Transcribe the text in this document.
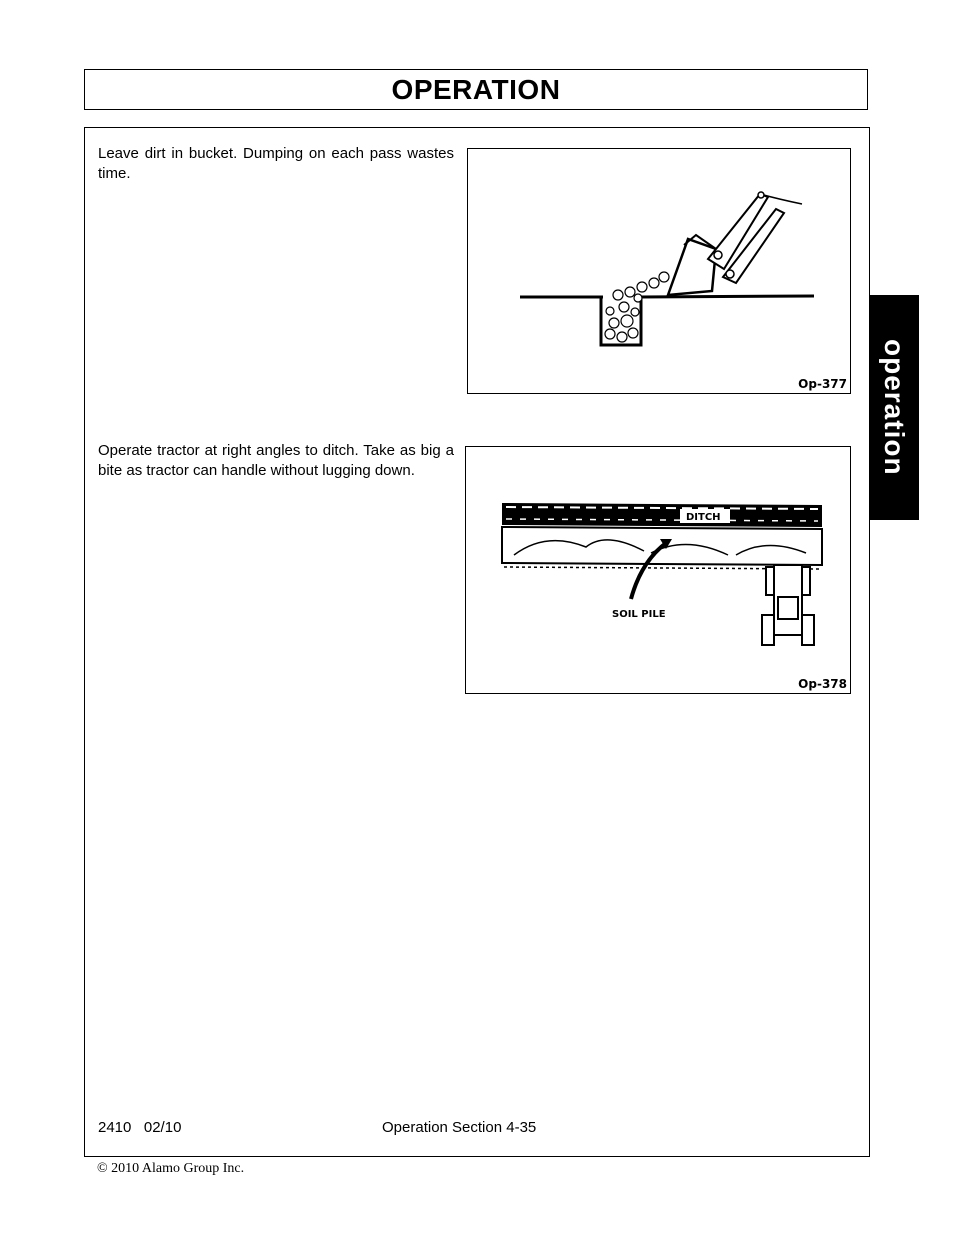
OPERATION
Leave dirt in bucket. Dumping on each pass wastes time.
Op-377
Operate tractor at right angles to ditch. Take as big a bite as tractor can handle without lugging down.
DITCH
SOIL PILE
Op-378
operation
2410   02/10	Operation Section 4-35
© 2010 Alamo Group Inc.
